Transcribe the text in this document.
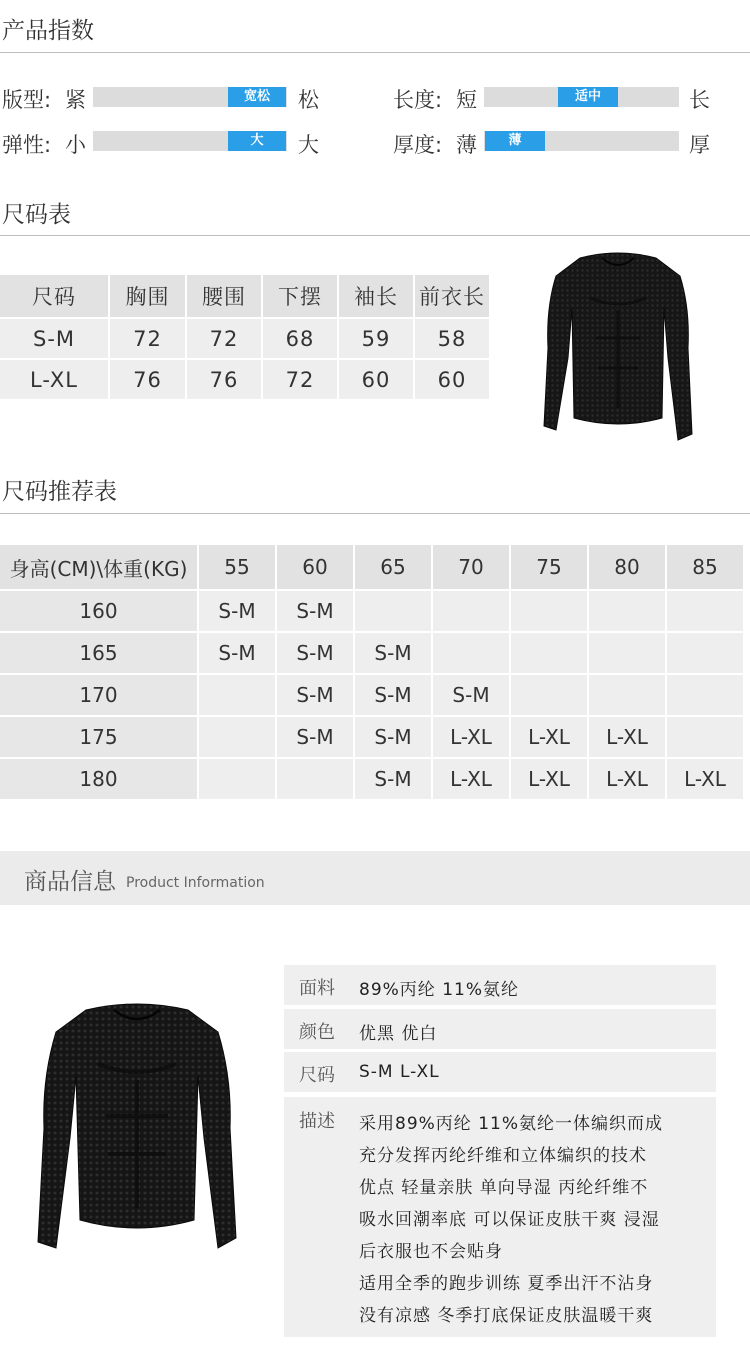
产品指数
版型: 紧	宽松	松	长度: 短	适中	长
弹性: 小	大	大	厚度: 薄	薄	厚
尺码表
尺码	胸围	腰围	下摆	袖长	前衣长
S-M	72	72	68	59	58
L-XL	76	76	72	60	60
尺码推荐表
身高(CM)\体重(KG)	55	60	65	70	75	80	85
160	S-M	S-M					
165	S-M	S-M	S-M				
170		S-M	S-M	S-M			
175		S-M	S-M	L-XL	L-XL	L-XL	
180			S-M	L-XL	L-XL	L-XL	L-XL
商品信息 Product Information
面料 89%丙纶 11%氨纶
颜色 优黑 优白
尺码 S-M L-XL
描述 采用89%丙纶 11%氨纶一体编织而成
充分发挥丙纶纤维和立体编织的技术
优点 轻量亲肤 单向导湿 丙纶纤维不
吸水回潮率底 可以保证皮肤干爽 浸湿
后衣服也不会贴身
适用全季的跑步训练 夏季出汗不沾身
没有凉感 冬季打底保证皮肤温暖干爽
